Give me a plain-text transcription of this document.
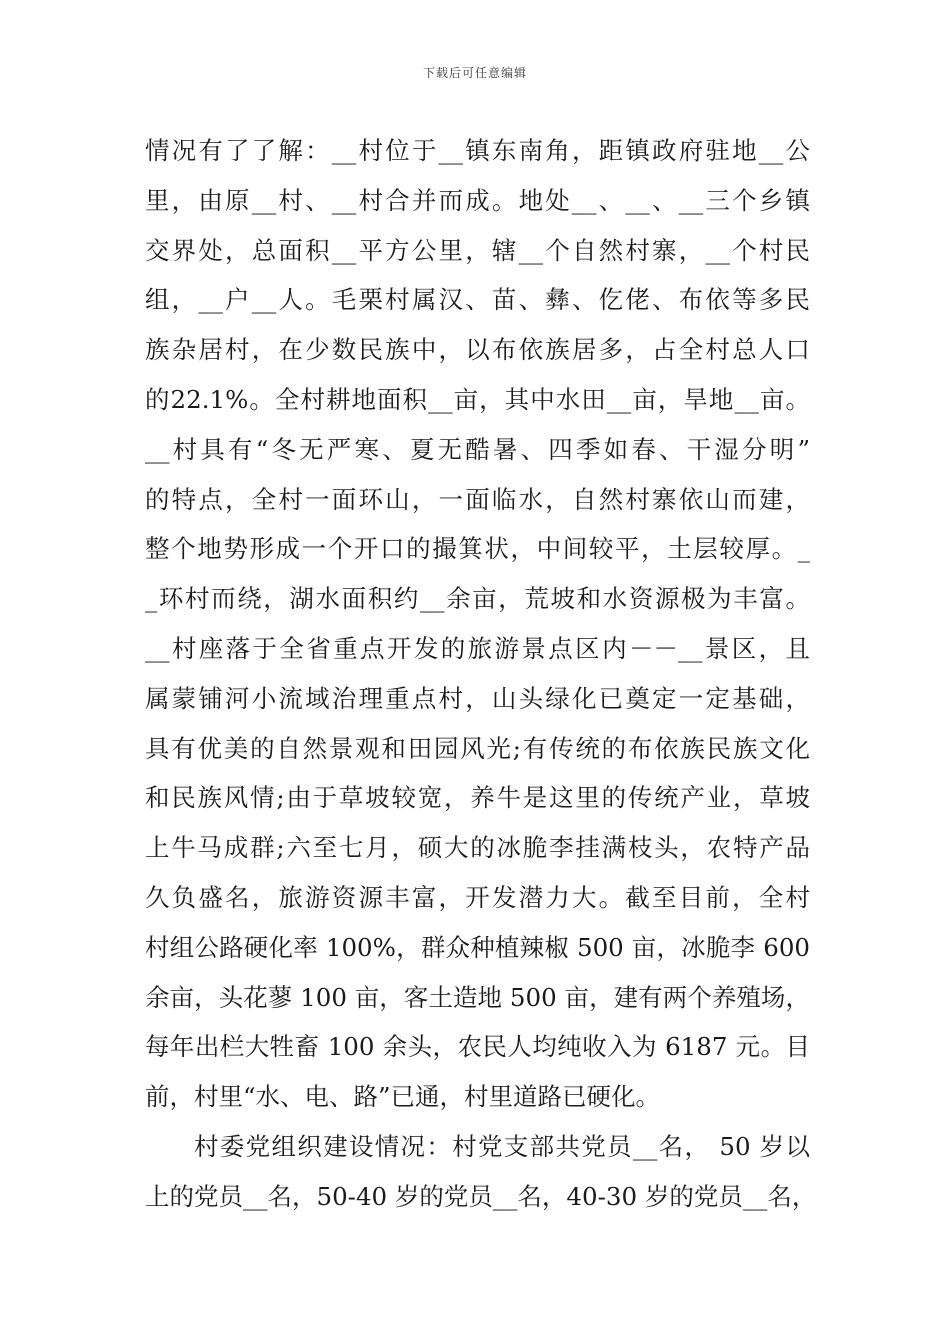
下载后可任意编辑
情况有了了解：__村位于__镇东南角，距镇政府驻地__公
里，由原__村、__村合并而成。地处__、__、__三个乡镇
交界处，总面积__平方公里，辖__个自然村寨，__个村民
组，__户__人。毛栗村属汉、苗、彝、仡佬、布依等多民
族杂居村，在少数民族中，以布依族居多，占全村总人口
的22.1%。全村耕地面积__亩，其中水田__亩，旱地__亩。
__村具有“冬无严寒、夏无酷暑、四季如春、干湿分明”
的特点，全村一面环山，一面临水，自然村寨依山而建，
整个地势形成一个开口的撮箕状，中间较平，土层较厚。_
_环村而绕，湖水面积约__余亩，荒坡和水资源极为丰富。
__村座落于全省重点开发的旅游景点区内－－__景区，且
属蒙铺河小流域治理重点村，山头绿化已奠定一定基础，
具有优美的自然景观和田园风光;有传统的布依族民族文化
和民族风情;由于草坡较宽，养牛是这里的传统产业，草坡
上牛马成群;六至七月，硕大的冰脆李挂满枝头，农特产品
久负盛名，旅游资源丰富，开发潜力大。截至目前，全村
村组公路硬化率 100%，群众种植辣椒 500 亩，冰脆李 600
余亩，头花蓼 100 亩，客土造地 500 亩，建有两个养殖场，
每年出栏大牲畜 100 余头，农民人均纯收入为 6187 元。目
前，村里“水、电、路”已通，村里道路已硬化。
村委党组织建设情况：村党支部共党员__名， 50 岁以
上的党员__名，50-40 岁的党员__名，40-30 岁的党员__名，
